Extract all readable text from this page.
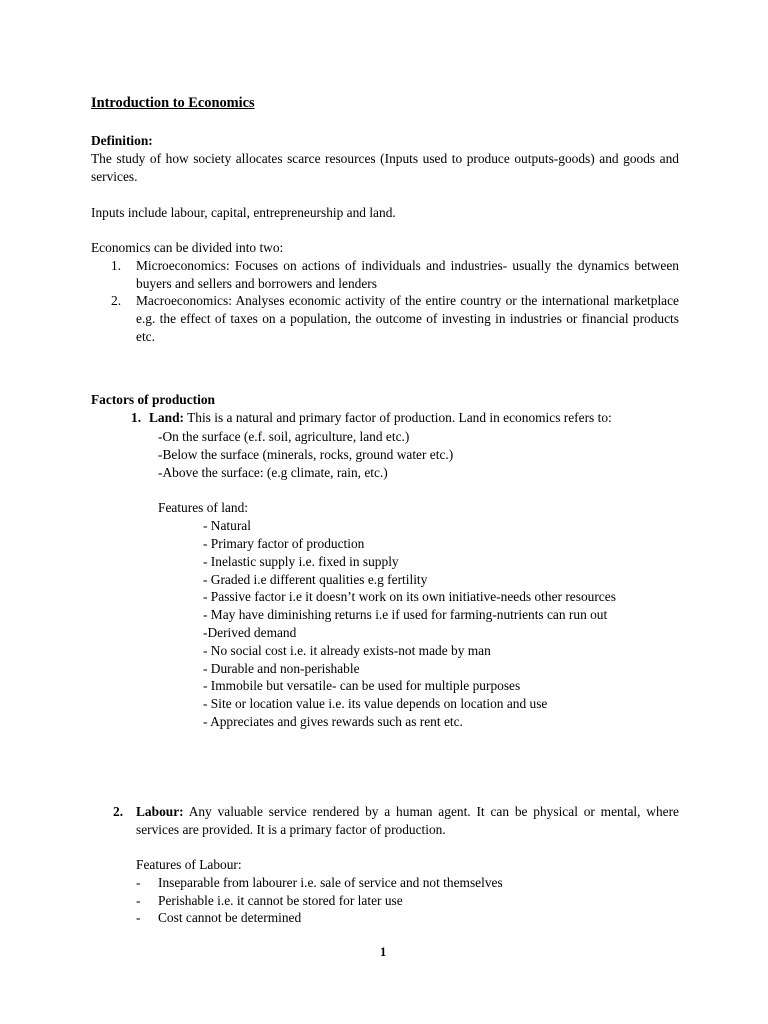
Introduction to Economics
Definition:

The study of how society allocates scarce resources (Inputs used to produce outputs-goods) and goods and services.

Inputs include labour, capital, entrepreneurship and land.
Economics can be divided into two:
1. Microeconomics: Focuses on actions of individuals and industries- usually the dynamics between buyers and sellers and borrowers and lenders

2. Macroeconomics: Analyses economic activity of the entire country or the international marketplace e.g. the effect of taxes on a population, the outcome of investing in industries or financial products etc.

Factors of production
1. Land: This is a natural and primary factor of production. Land in economics refers to:
-On the surface (e.f. soil, agriculture, land etc.)
-Below the surface (minerals, rocks, ground water etc.)
-Above the surface: (e.g climate, rain, etc.)
Features of land:
- Natural
- Primary factor of production
- Inelastic supply i.e. fixed in supply
- Graded i.e different qualities e.g fertility
- Passive factor i.e it doesn’t work on its own initiative-needs other resources
- May have diminishing returns i.e if used for farming-nutrients can run out
-Derived demand
- No social cost i.e. it already exists-not made by man
- Durable and non-perishable
- Immobile but versatile- can be used for multiple purposes
- Site or location value i.e. its value depends on location and use
- Appreciates and gives rewards such as rent etc.
2. Labour: Any valuable service rendered by a human agent. It can be physical or mental, where services are provided. It is a primary factor of production.

Features of Labour:
- Inseparable from labourer i.e. sale of service and not themselves
- Perishable i.e. it cannot be stored for later use
- Cost cannot be determined
1
